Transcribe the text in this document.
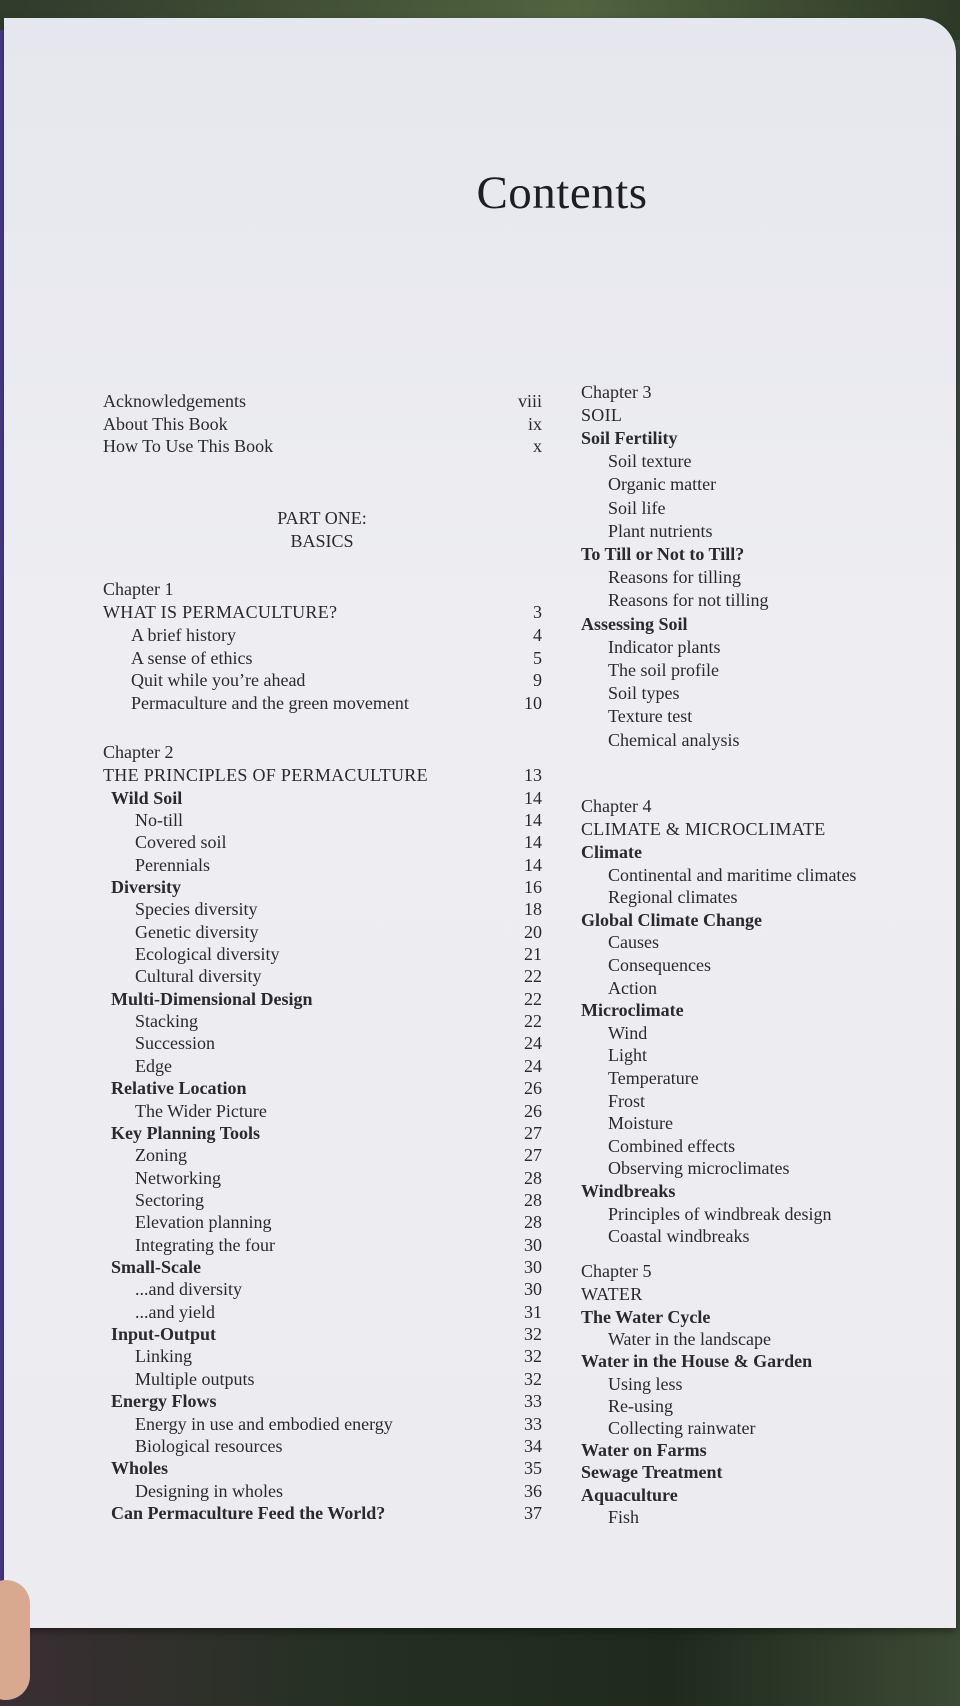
Contents
Acknowledgements	viii
About This Book	ix
How To Use This Book	x
PART ONE:
BASICS
Chapter 1
WHAT IS PERMACULTURE?	3
A brief history	4
A sense of ethics	5
Quit while you’re ahead	9
Permaculture and the green movement	10
Chapter 2
THE PRINCIPLES OF PERMACULTURE	13
Wild Soil	14
No-till	14
Covered soil	14
Perennials	14
Diversity	16
Species diversity	18
Genetic diversity	20
Ecological diversity	21
Cultural diversity	22
Multi-Dimensional Design	22
Stacking	22
Succession	24
Edge	24
Relative Location	26
The Wider Picture	26
Key Planning Tools	27
Zoning	27
Networking	28
Sectoring	28
Elevation planning	28
Integrating the four	30
Small-Scale	30
...and diversity	30
...and yield	31
Input-Output	32
Linking	32
Multiple outputs	32
Energy Flows	33
Energy in use and embodied energy	33
Biological resources	34
Wholes	35
Designing in wholes	36
Can Permaculture Feed the World?	37
Chapter 3
SOIL
Soil Fertility
Soil texture
Organic matter
Soil life
Plant nutrients
To Till or Not to Till?
Reasons for tilling
Reasons for not tilling
Assessing Soil
Indicator plants
The soil profile
Soil types
Texture test
Chemical analysis
Chapter 4
CLIMATE & MICROCLIMATE
Climate
Continental and maritime climates
Regional climates
Global Climate Change
Causes
Consequences
Action
Microclimate
Wind
Light
Temperature
Frost
Moisture
Combined effects
Observing microclimates
Windbreaks
Principles of windbreak design
Coastal windbreaks
Chapter 5
WATER
The Water Cycle
Water in the landscape
Water in the House & Garden
Using less
Re-using
Collecting rainwater
Water on Farms
Sewage Treatment
Aquaculture
Fish
